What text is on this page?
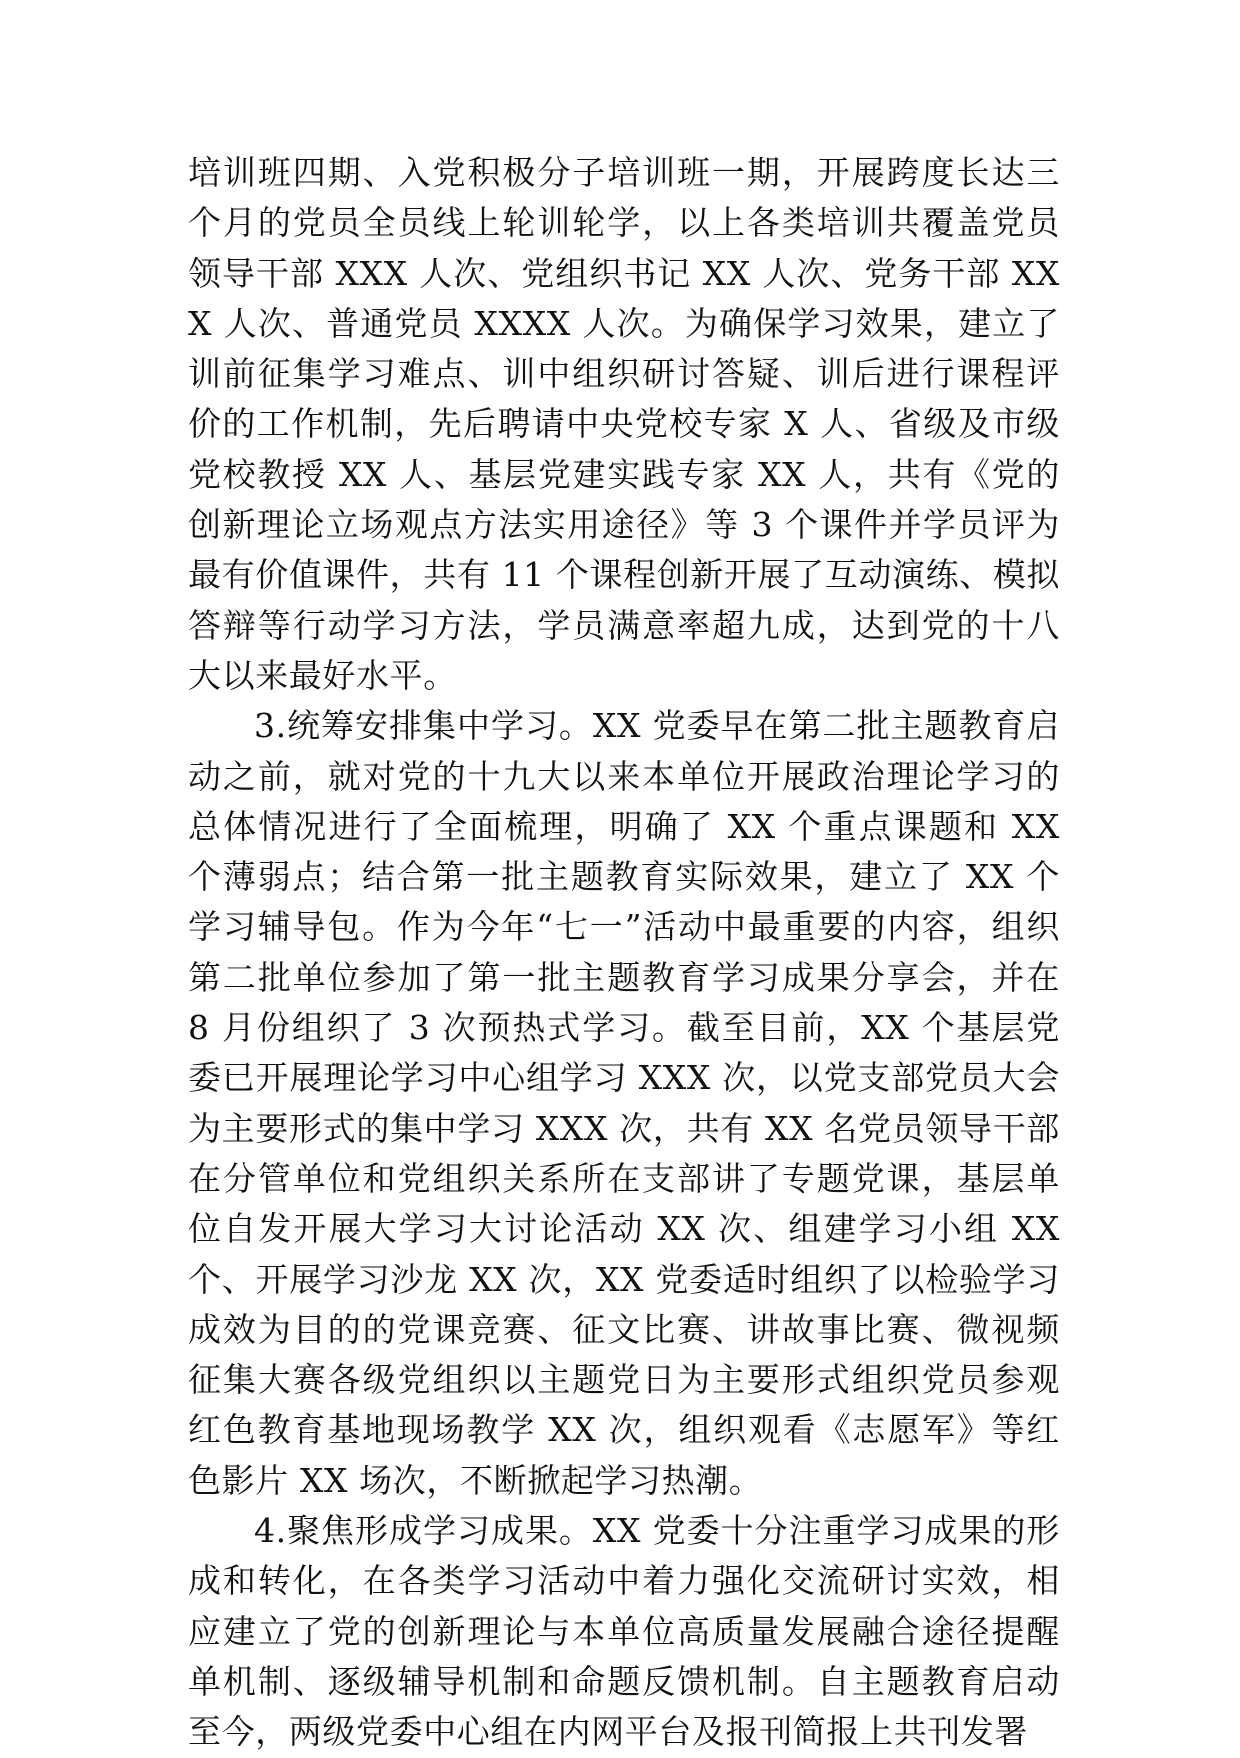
培训班四期、入党积极分子培训班一期，开展跨度长达三个月的党员全员线上轮训轮学，以上各类培训共覆盖党员领导干部 XXX 人次、党组织书记 XX 人次、党务干部 XXX 人次、普通党员 XXXX 人次。为确保学习效果，建立了训前征集学习难点、训中组织研讨答疑、训后进行课程评价的工作机制，先后聘请中央党校专家 X 人、省级及市级党校教授 XX 人、基层党建实践专家 XX 人，共有《党的创新理论立场观点方法实用途径》等 3 个课件并学员评为最有价值课件，共有 11 个课程创新开展了互动演练、模拟答辩等行动学习方法，学员满意率超九成，达到党的十八大以来最好水平。

3.统筹安排集中学习。XX 党委早在第二批主题教育启动之前，就对党的十九大以来本单位开展政治理论学习的总体情况进行了全面梳理，明确了 XX 个重点课题和 XX 个薄弱点；结合第一批主题教育实际效果，建立了 XX 个学习辅导包。作为今年“七一”活动中最重要的内容，组织第二批单位参加了第一批主题教育学习成果分享会，并在 8 月份组织了 3 次预热式学习。截至目前，XX 个基层党委已开展理论学习中心组学习 XXX 次，以党支部党员大会为主要形式的集中学习 XXX 次，共有 XX 名党员领导干部在分管单位和党组织关系所在支部讲了专题党课，基层单位自发开展大学习大讨论活动 XX 次、组建学习小组 XX 个、开展学习沙龙 XX 次，XX 党委适时组织了以检验学习成效为目的的党课竞赛、征文比赛、讲故事比赛、微视频征集大赛各级党组织以主题党日为主要形式组织党员参观红色教育基地现场教学 XX 次，组织观看《志愿军》等红色影片 XX 场次，不断掀起学习热潮。

4.聚焦形成学习成果。XX 党委十分注重学习成果的形成和转化，在各类学习活动中着力强化交流研讨实效，相应建立了党的创新理论与本单位高质量发展融合途径提醒单机制、逐级辅导机制和命题反馈机制。自主题教育启动至今，两级党委中心组在内网平台及报刊简报上共刊发署
